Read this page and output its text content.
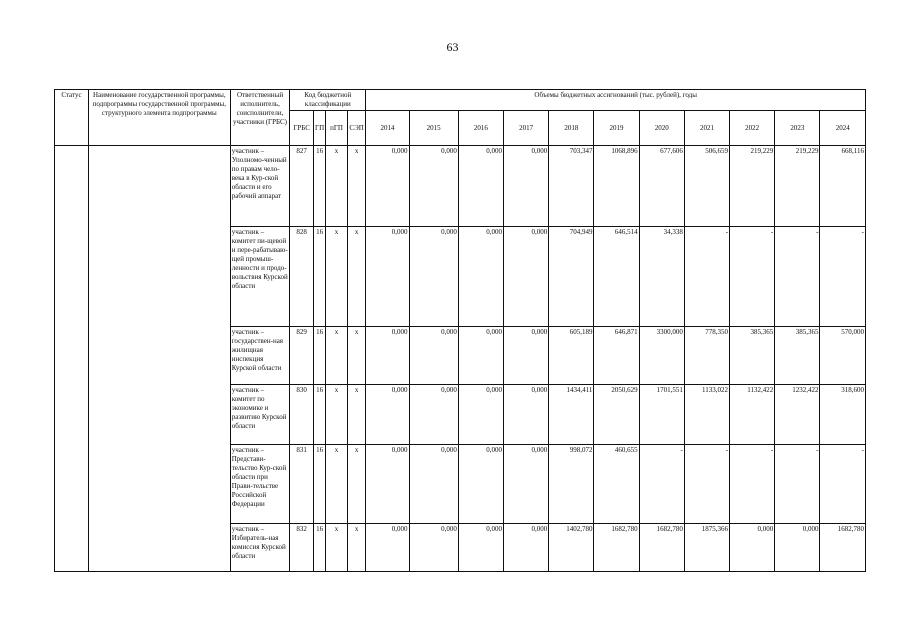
63
Статус	Наименование государственной программы, подпрограммы государственной программы, структурного элемента подпрограммы	Ответственный исполнитель, соисполнители, участники (ГРБС)	Код бюджетной классификации				Объемы бюджетных ассигнований (тыс. рублей), годы										
			ГРБС	ГП	пГП	СЭП	2014	2015	2016	2017	2018	2019	2020	2021	2022	2023	2024
		участник – Уполномо-ченный по правам чело-века в Кур-ской области и его рабочий аппарат	827	16	х	х	0,000	0,000	0,000	0,000	703,347	1068,896	677,606	506,659	219,229	219,229	668,116
		участник – комитет пи-щевой и пере-рабатываю-щей промыш-ленности и продо-вольствия Курской области	828	16	х	х	0,000	0,000	0,000	0,000	704,949	646,514	34,338	-	-	-	-
		участник – государствен-ная жилищная инспекция Курской области	829	16	х	х	0,000	0,000	0,000	0,000	605,189	646,871	3300,000	778,350	385,365	385,365	570,000
		участник – комитет по экономике и развитию Курской области	830	16	х	х	0,000	0,000	0,000	0,000	1434,411	2050,629	1701,551	1133,022	1132,422	1232,422	318,600
		участник – Представи-тельство Кур-ской области при Прави-тельстве Российской Федерации	831	16	х	х	0,000	0,000	0,000	0,000	998,072	460,655	-	-	-	-	-
		участник – Избиратель-ная комиссия Курской области	832	16	х	х	0,000	0,000	0,000	0,000	1402,780	1682,780	1682,780	1875,366	0,000	0,000	1682,780
